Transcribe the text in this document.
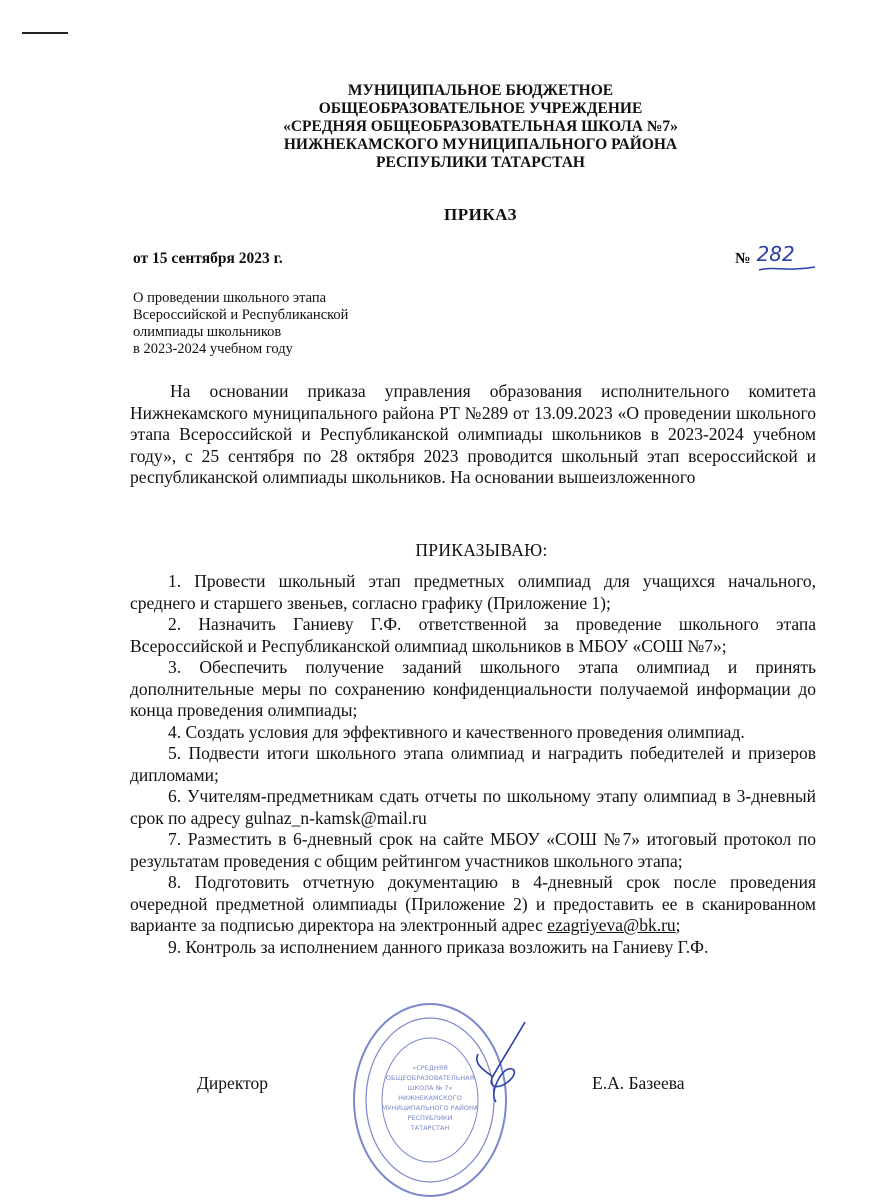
МУНИЦИПАЛЬНОЕ БЮДЖЕТНОЕ
ОБЩЕОБРАЗОВАТЕЛЬНОЕ УЧРЕЖДЕНИЕ
«СРЕДНЯЯ ОБЩЕОБРАЗОВАТЕЛЬНАЯ ШКОЛА №7»
НИЖНЕКАМСКОГО МУНИЦИПАЛЬНОГО РАЙОНА
РЕСПУБЛИКИ ТАТАРСТАН
ПРИКАЗ
от 15 сентября 2023 г.	№ 282
О проведении школьного этапа
Всероссийской и Республиканской
олимпиады школьников
в 2023-2024 учебном году
На основании приказа управления образования исполнительного комитета Нижнекамского муниципального района РТ №289 от 13.09.2023 «О проведении школьного этапа Всероссийской и Республиканской олимпиады школьников в 2023-2024 учебном году», с 25 сентября по 28 октября 2023 проводится школьный этап всероссийской и республиканской олимпиады школьников. На основании вышеизложенного
ПРИКАЗЫВАЮ:

1. Провести школьный этап предметных олимпиад для учащихся начального, среднего и старшего звеньев, согласно графику (Приложение 1);

2. Назначить Ганиеву Г.Ф. ответственной за проведение школьного этапа Всероссийской и Республиканской олимпиад школьников в МБОУ «СОШ №7»;

3. Обеспечить получение заданий школьного этапа олимпиад и принять дополнительные меры по сохранению конфиденциальности получаемой информации до конца проведения олимпиады;

4. Создать условия для эффективного и качественного проведения олимпиад.

5. Подвести итоги школьного этапа олимпиад и наградить победителей и призеров дипломами;

6. Учителям-предметникам сдать отчеты по школьному этапу олимпиад в 3-дневный срок по адресу gulnaz_n-kamsk@mail.ru

7. Разместить в 6-дневный срок на сайте МБОУ «СОШ №7» итоговый протокол по результатам проведения с общим рейтингом участников школьного этапа;

8. Подготовить отчетную документацию в 4-дневный срок после проведения очередной предметной олимпиады (Приложение 2) и предоставить ее в сканированном варианте за подписью директора на электронный адрес ezagriyeva@bk.ru;

9. Контроль за исполнением данного приказа возложить на Ганиеву Г.Ф.

«СРЕДНЯЯ
ОБЩЕОБРАЗОВАТЕЛЬНАЯ
ШКОЛА № 7»
НИЖНЕКАМСКОГО
МУНИЦИПАЛЬНОГО РАЙОНА
РЕСПУБЛИКИ
ТАТАРСТАН
Директор	Е.А. Базеева
